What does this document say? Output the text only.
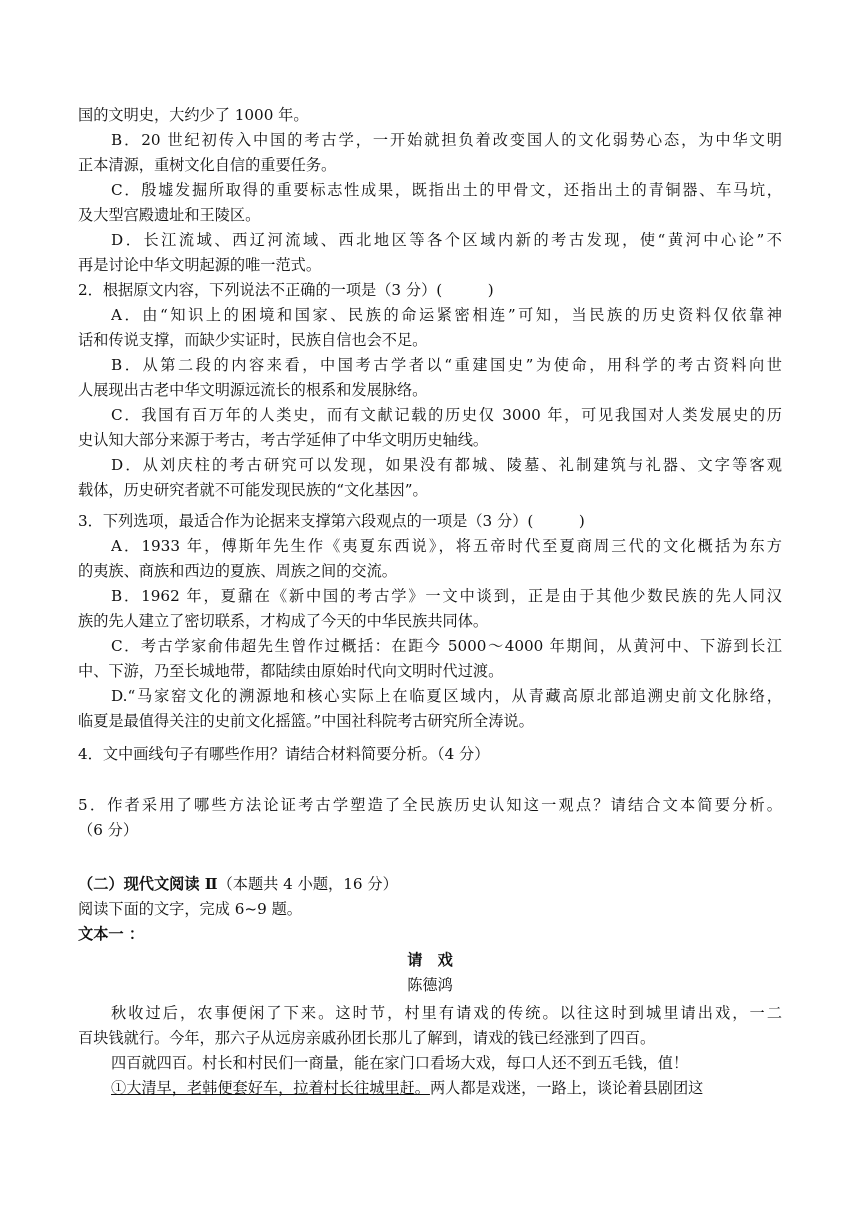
国的文明史，大约少了 1000 年。
B．20 世纪初传入中国的考古学，一开始就担负着改变国人的文化弱势心态，为中华文明
正本清源，重树文化自信的重要任务。
C．殷墟发掘所取得的重要标志性成果，既指出土的甲骨文，还指出土的青铜器、车马坑，
及大型宫殿遗址和王陵区。
D．长江流域、西辽河流域、西北地区等各个区域内新的考古发现，使“黄河中心论”不
再是讨论中华文明起源的唯一范式。
2．根据原文内容，下列说法不正确的一项是（3 分）(　　　)
A．由“知识上的困境和国家、民族的命运紧密相连”可知，当民族的历史资料仅依靠神
话和传说支撑，而缺少实证时，民族自信也会不足。
B．从第二段的内容来看，中国考古学者以“重建国史”为使命，用科学的考古资料向世
人展现出古老中华文明源远流长的根系和发展脉络。
C．我国有百万年的人类史，而有文献记载的历史仅 3000 年，可见我国对人类发展史的历
史认知大部分来源于考古，考古学延伸了中华文明历史轴线。
D．从刘庆柱的考古研究可以发现，如果没有都城、陵墓、礼制建筑与礼器、文字等客观
载体，历史研究者就不可能发现民族的“文化基因”。
3．下列选项，最适合作为论据来支撑第六段观点的一项是（3 分）(　　　)
A．1933 年，傅斯年先生作《夷夏东西说》，将五帝时代至夏商周三代的文化概括为东方
的夷族、商族和西边的夏族、周族之间的交流。
B．1962 年，夏鼐在《新中国的考古学》一文中谈到，正是由于其他少数民族的先人同汉
族的先人建立了密切联系，才构成了今天的中华民族共同体。
C．考古学家俞伟超先生曾作过概括：在距今 5000～4000 年期间，从黄河中、下游到长江
中、下游，乃至长城地带，都陆续由原始时代向文明时代过渡。
D.“马家窑文化的溯源地和核心实际上在临夏区域内，从青藏高原北部追溯史前文化脉络，
临夏是最值得关注的史前文化摇篮。”中国社科院考古研究所全涛说。
4．文中画线句子有哪些作用？请结合材料简要分析。（4 分）
5．作者采用了哪些方法论证考古学塑造了全民族历史认知这一观点？请结合文本简要分析。
（6 分）
（二）现代文阅读 Ⅱ（本题共 4 小题，16 分）
阅读下面的文字，完成 6~9 题。
文本一 ：
请　戏
陈德鸿
秋收过后，农事便闲了下来。这时节，村里有请戏的传统。以往这时到城里请出戏，一二
百块钱就行。今年，那六子从远房亲戚孙团长那儿了解到，请戏的钱已经涨到了四百。
四百就四百。村长和村民们一商量，能在家门口看场大戏，每口人还不到五毛钱，值！
①大清早，老韩便套好车，拉着村长往城里赶。两人都是戏迷，一路上，谈论着县剧团这
